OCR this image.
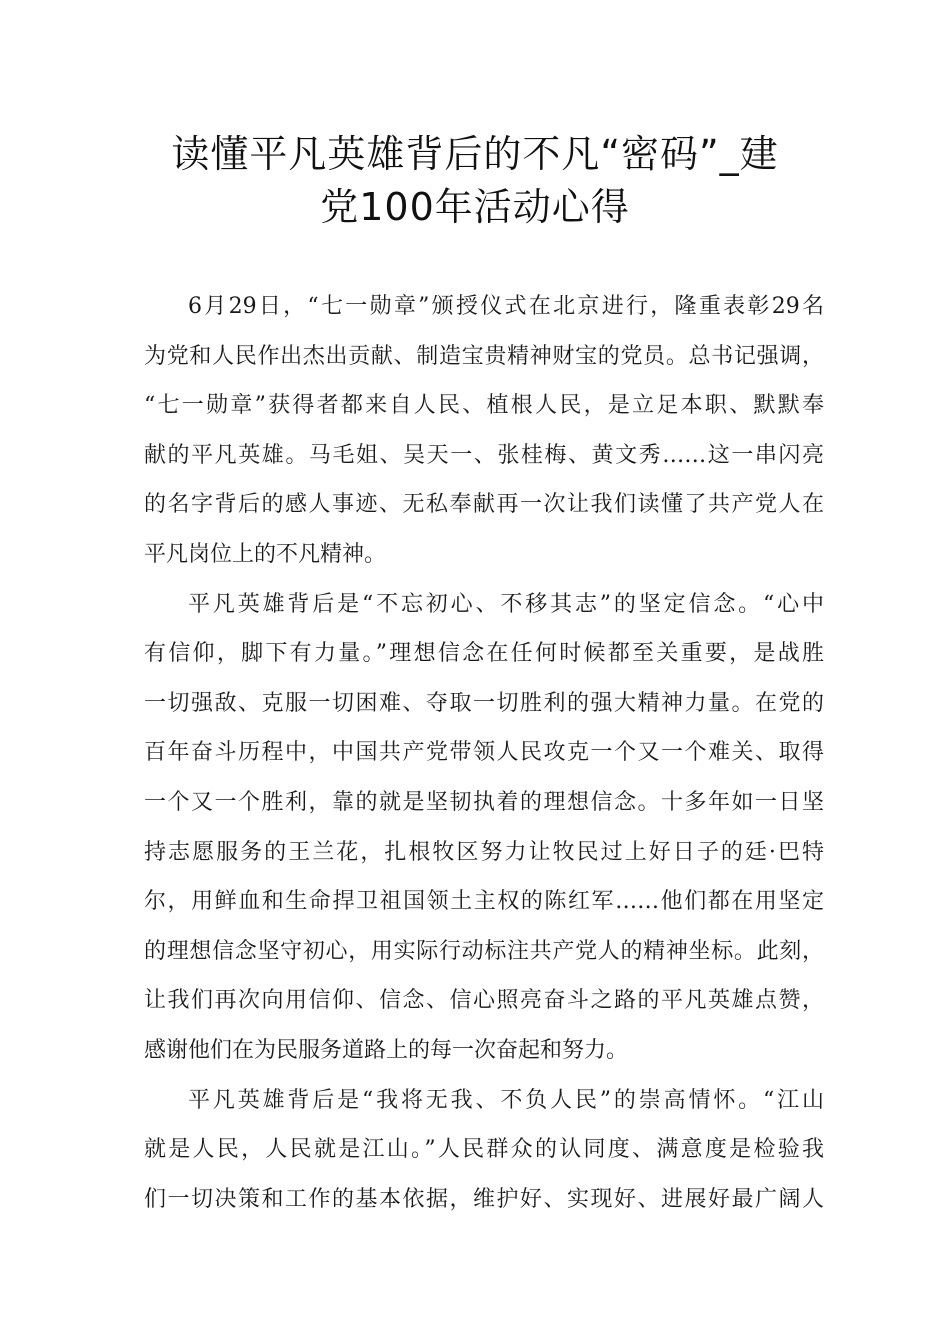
读懂平凡英雄背后的不凡“密码”_建
党100年活动心得
6月29日，“七一勋章”颁授仪式在北京进行，隆重表彰29名
为党和人民作出杰出贡献、制造宝贵精神财宝的党员。总书记强调，
“七一勋章”获得者都来自人民、植根人民，是立足本职、默默奉
献的平凡英雄。马毛姐、吴天一、张桂梅、黄文秀……这一串闪亮
的名字背后的感人事迹、无私奉献再一次让我们读懂了共产党人在
平凡岗位上的不凡精神。
平凡英雄背后是“不忘初心、不移其志”的坚定信念。“心中
有信仰，脚下有力量。”理想信念在任何时候都至关重要，是战胜
一切强敌、克服一切困难、夺取一切胜利的强大精神力量。在党的
百年奋斗历程中，中国共产党带领人民攻克一个又一个难关、取得
一个又一个胜利，靠的就是坚韧执着的理想信念。十多年如一日坚
持志愿服务的王兰花，扎根牧区努力让牧民过上好日子的廷·巴特
尔，用鲜血和生命捍卫祖国领土主权的陈红军……他们都在用坚定
的理想信念坚守初心，用实际行动标注共产党人的精神坐标。此刻，
让我们再次向用信仰、信念、信心照亮奋斗之路的平凡英雄点赞，
感谢他们在为民服务道路上的每一次奋起和努力。
平凡英雄背后是“我将无我、不负人民”的崇高情怀。“江山
就是人民，人民就是江山。”人民群众的认同度、满意度是检验我
们一切决策和工作的基本依据，维护好、实现好、进展好最广阔人
